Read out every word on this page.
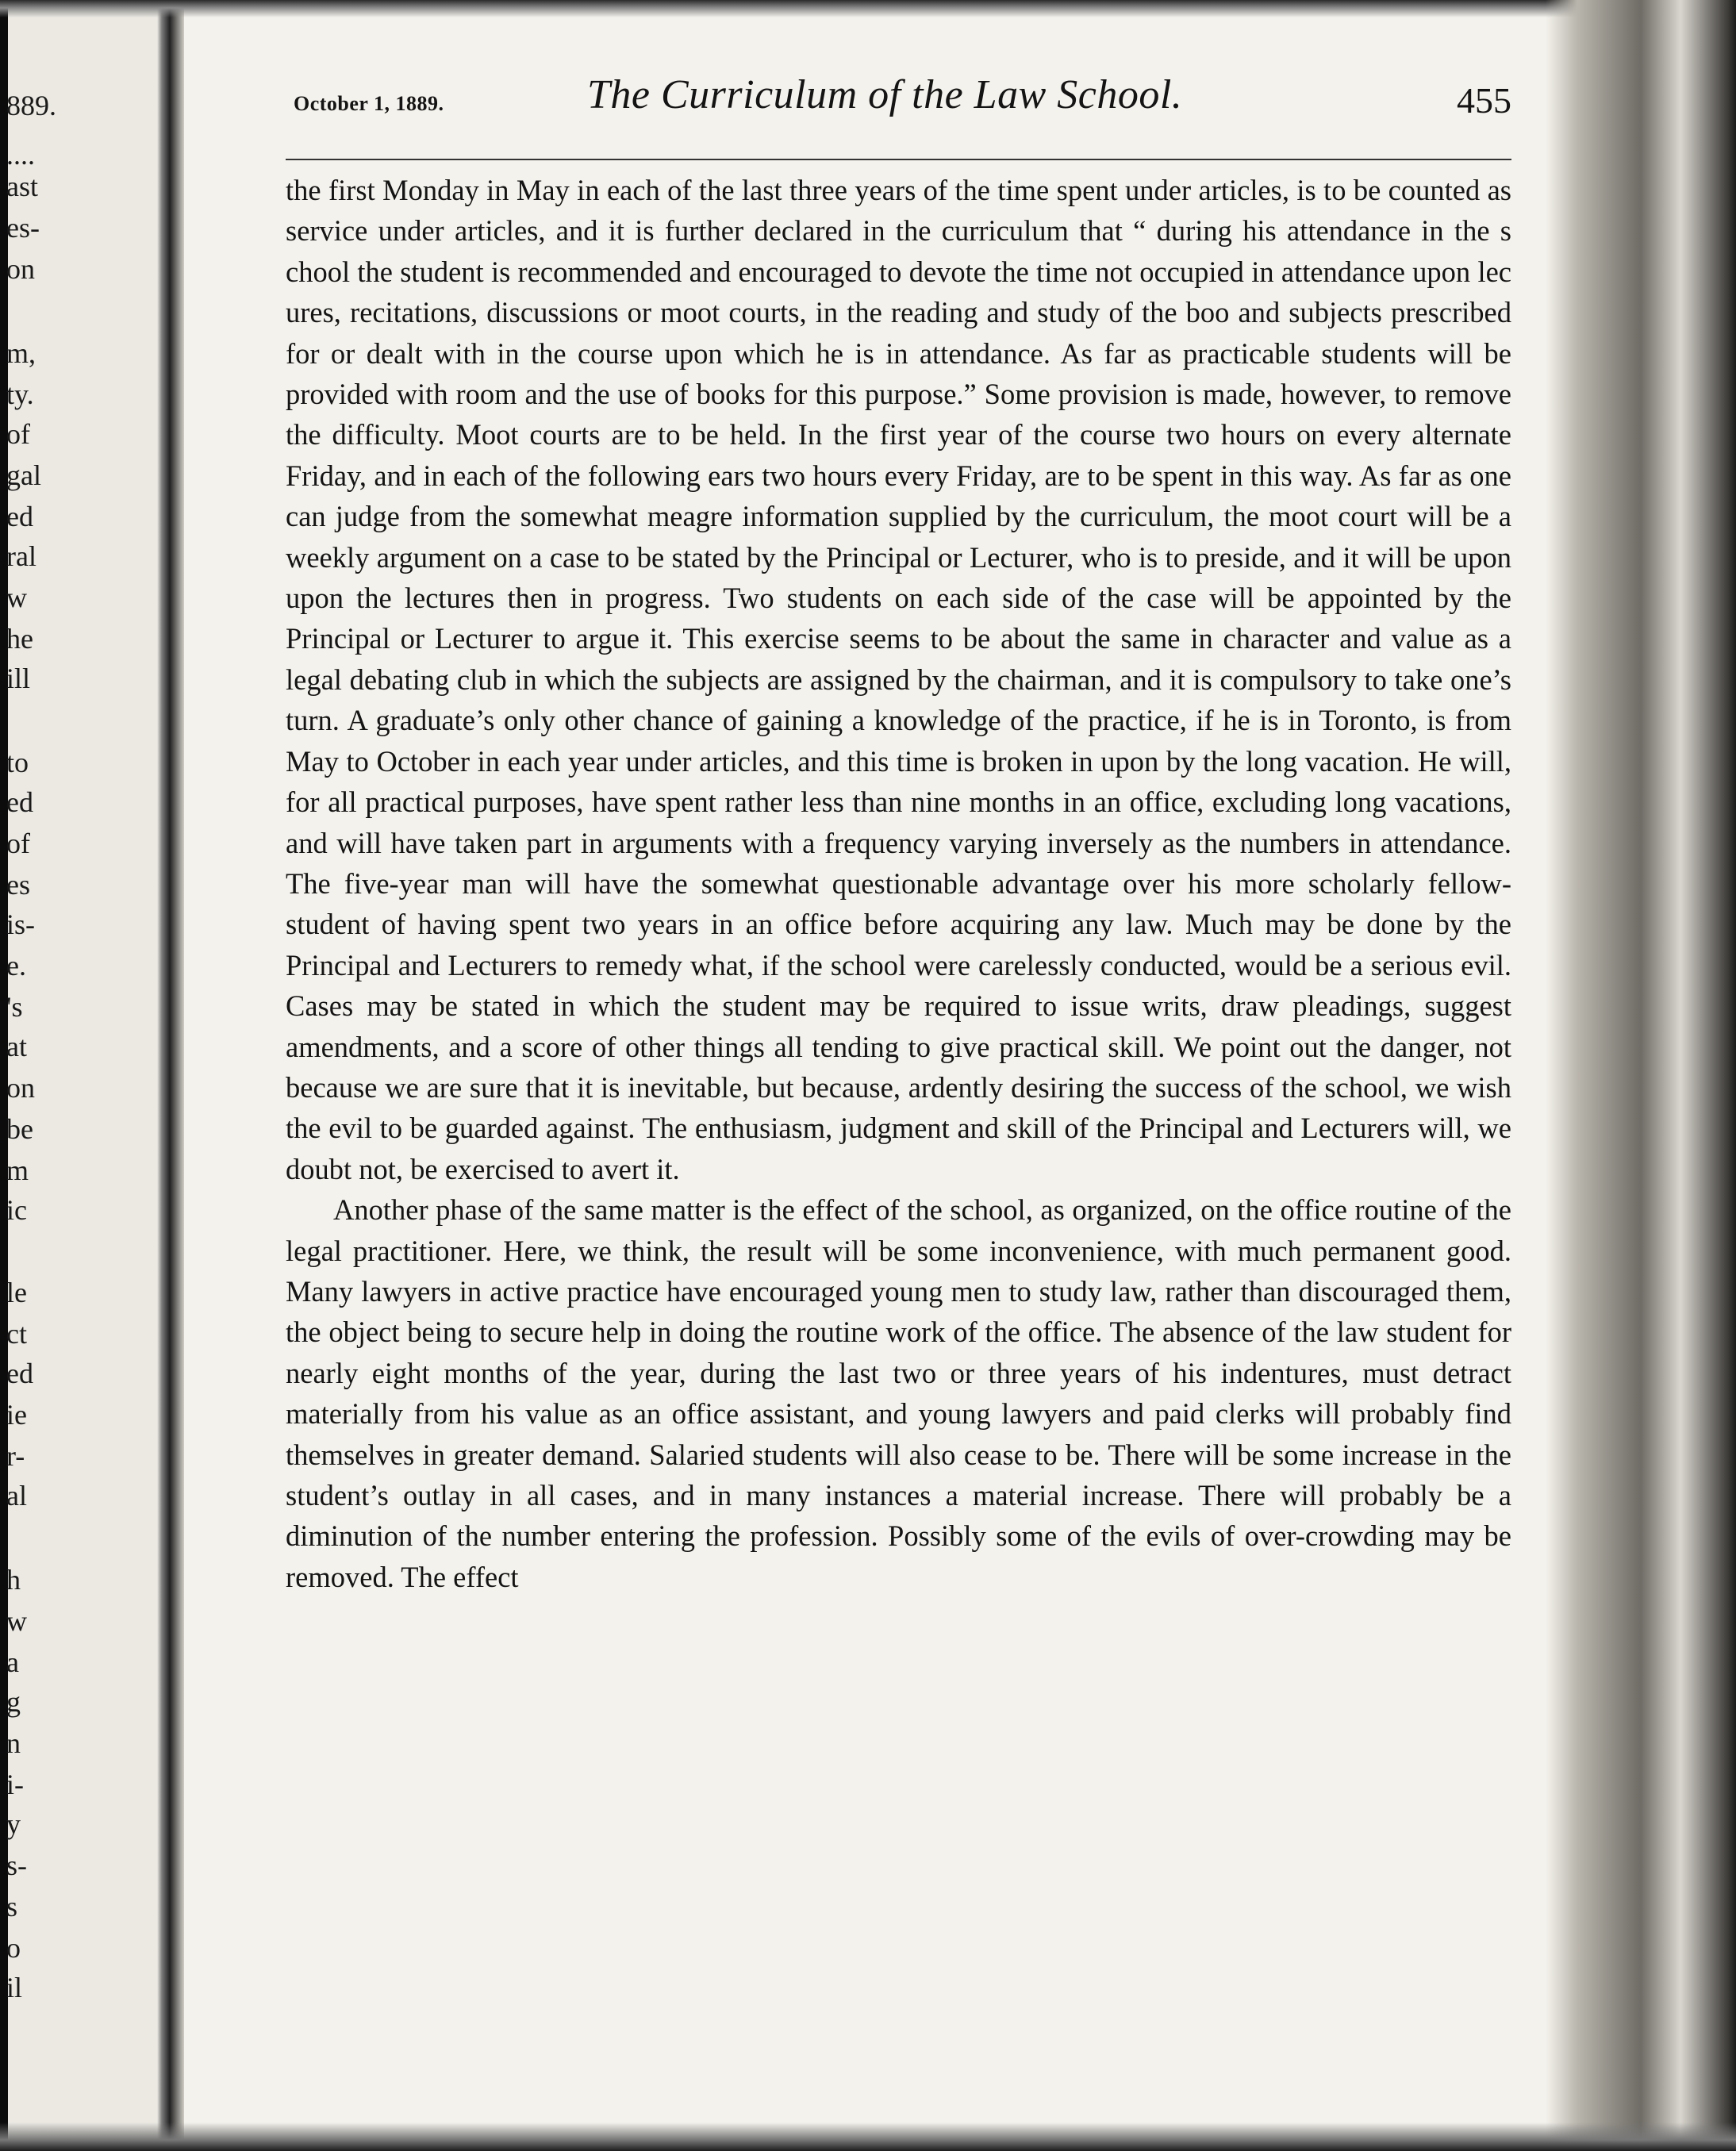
889.
....
ast
es-
on
m,
ty.
of
gal
ed
ral
w
he
ill
to
ed
of
es
is-
e.
's
at
on
be
m
ic
le
ct
ed
ie
r-
al
h
w
a
g
n
i-
y
s-
s
o
il
October 1, 1889.	The Curriculum of the Law School.	455

the first Monday in May in each of the last three years of the time spent under articles, is to be counted as service under articles, and it is further declared in the curriculum that “ during his attendance in the s chool the student is recommended and encouraged to devote the time not occupied in attendance upon lec ures, recitations, discussions or moot courts, in the reading and study of the boo and subjects prescribed for or dealt with in the course upon which he is in attendance. As far as practicable students will be provided with room and the use of books for this purpose.” Some provision is made, however, to remove the difficulty. Moot courts are to be held. In the first year of the course two hours on every alternate Friday, and in each of the following ears two hours every Friday, are to be spent in this way. As far as one can judge from the somewhat meagre information supplied by the curriculum, the moot court will be a weekly argument on a case to be stated by the Principal or Lecturer, who is to preside, and it will be upon upon the lectures then in progress. Two students on each side of the case will be appointed by the Principal or Lecturer to argue it. This exercise seems to be about the same in character and value as a legal debating club in which the subjects are assigned by the chairman, and it is compulsory to take one’s turn. A graduate’s only other chance of gaining a knowledge of the practice, if he is in Toronto, is from May to October in each year under articles, and this time is broken in upon by the long vacation. He will, for all practical purposes, have spent rather less than nine months in an office, excluding long vacations, and will have taken part in arguments with a frequency varying inversely as the numbers in attendance. The five-year man will have the somewhat questionable advantage over his more scholarly fellow-student of having spent two years in an office before acquiring any law. Much may be done by the Principal and Lecturers to remedy what, if the school were carelessly conducted, would be a serious evil. Cases may be stated in which the student may be required to issue writs, draw pleadings, suggest amendments, and a score of other things all tending to give practical skill. We point out the danger, not because we are sure that it is inevitable, but because, ardently desiring the success of the school, we wish the evil to be guarded against. The enthusiasm, judgment and skill of the Principal and Lecturers will, we doubt not, be exercised to avert it.

Another phase of the same matter is the effect of the school, as organized, on the office routine of the legal practitioner. Here, we think, the result will be some inconvenience, with much permanent good. Many lawyers in active practice have encouraged young men to study law, rather than discouraged them, the object being to secure help in doing the routine work of the office. The absence of the law student for nearly eight months of the year, during the last two or three years of his indentures, must detract materially from his value as an office assistant, and young lawyers and paid clerks will probably find themselves in greater demand. Salaried students will also cease to be. There will be some increase in the student’s outlay in all cases, and in many instances a material increase. There will probably be a diminution of the number entering the profession. Possibly some of the evils of over-crowding may be removed. The effect
